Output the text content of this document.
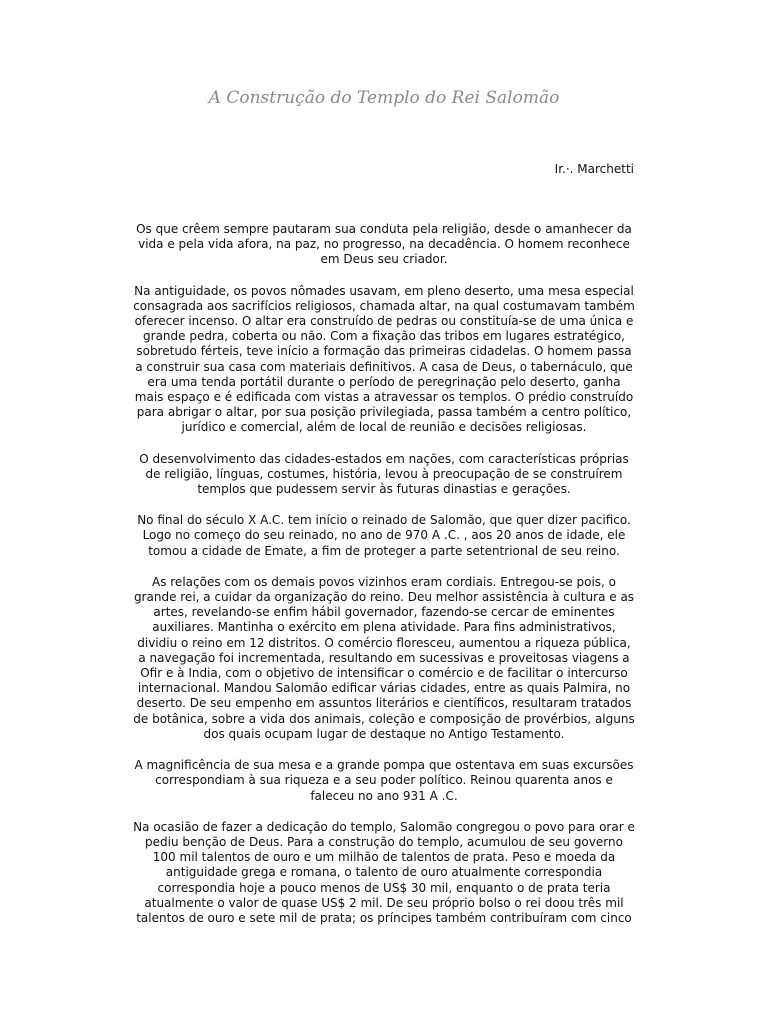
A Construção do Templo do Rei Salomão
Ir.·. Marchetti

Os que crêem sempre pautaram sua conduta pela religião, desde o amanhecer da vida e pela vida afora, na paz, no progresso, na decadência. O homem reconhece em Deus seu criador.

Na antiguidade, os povos nômades usavam, em pleno deserto, uma mesa especial consagrada aos sacrifícios religiosos, chamada altar, na qual costumavam também oferecer incenso. O altar era construído de pedras ou constituía-se de uma única e grande pedra, coberta ou não. Com a fixação das tribos em lugares estratégico, sobretudo férteis, teve início a formação das primeiras cidadelas. O homem passa a construir sua casa com materiais definitivos. A casa de Deus, o tabernáculo, que era uma tenda portátil durante o período de peregrinação pelo deserto, ganha mais espaço e é edificada com vistas a atravessar os templos. O prédio construído para abrigar o altar, por sua posição privilegiada, passa também a centro político, jurídico e comercial, além de local de reunião e decisões religiosas.

O desenvolvimento das cidades-estados em nações, com características próprias de religião, línguas, costumes, história, levou à preocupação de se construírem templos que pudessem servir às futuras dinastias e gerações.

No final do século X A.C. tem início o reinado de Salomão, que quer dizer pacifico. Logo no começo do seu reinado, no ano de 970 A .C. , aos 20 anos de idade, ele tomou a cidade de Emate, a fim de proteger a parte setentrional de seu reino.

As relações com os demais povos vizinhos eram cordiais. Entregou-se pois, o grande rei, a cuidar da organização do reino. Deu melhor assistência à cultura e as artes, revelando-se enfim hábil governador, fazendo-se cercar de eminentes auxiliares. Mantinha o exército em plena atividade. Para fins administrativos, dividiu o reino em 12 distritos. O comércio floresceu, aumentou a riqueza pública, a navegação foi incrementada, resultando em sucessivas e proveitosas viagens a Ofir e à India, com o objetivo de intensificar o comércio e de facilitar o intercurso internacional. Mandou Salomão edificar várias cidades, entre as quais Palmira, no deserto. De seu empenho em assuntos literários e científicos, resultaram tratados de botânica, sobre a vida dos animais, coleção e composição de provérbios, alguns dos quais ocupam lugar de destaque no Antigo Testamento.

A magnificência de sua mesa e a grande pompa que ostentava em suas excursões correspondiam à sua riqueza e a seu poder político. Reinou quarenta anos e faleceu no ano 931 A .C.

Na ocasião de fazer a dedicação do templo, Salomão congregou o povo para orar e pediu benção de Deus. Para a construção do templo, acumulou de seu governo 100 mil talentos de ouro e um milhão de talentos de prata. Peso e moeda da antiguidade grega e romana, o talento de ouro atualmente correspondia correspondia hoje a pouco menos de US$ 30 mil, enquanto o de prata teria atualmente o valor de quase US$ 2 mil. De seu próprio bolso o rei doou três mil talentos de ouro e sete mil de prata; os príncipes também contribuíram com cinco
